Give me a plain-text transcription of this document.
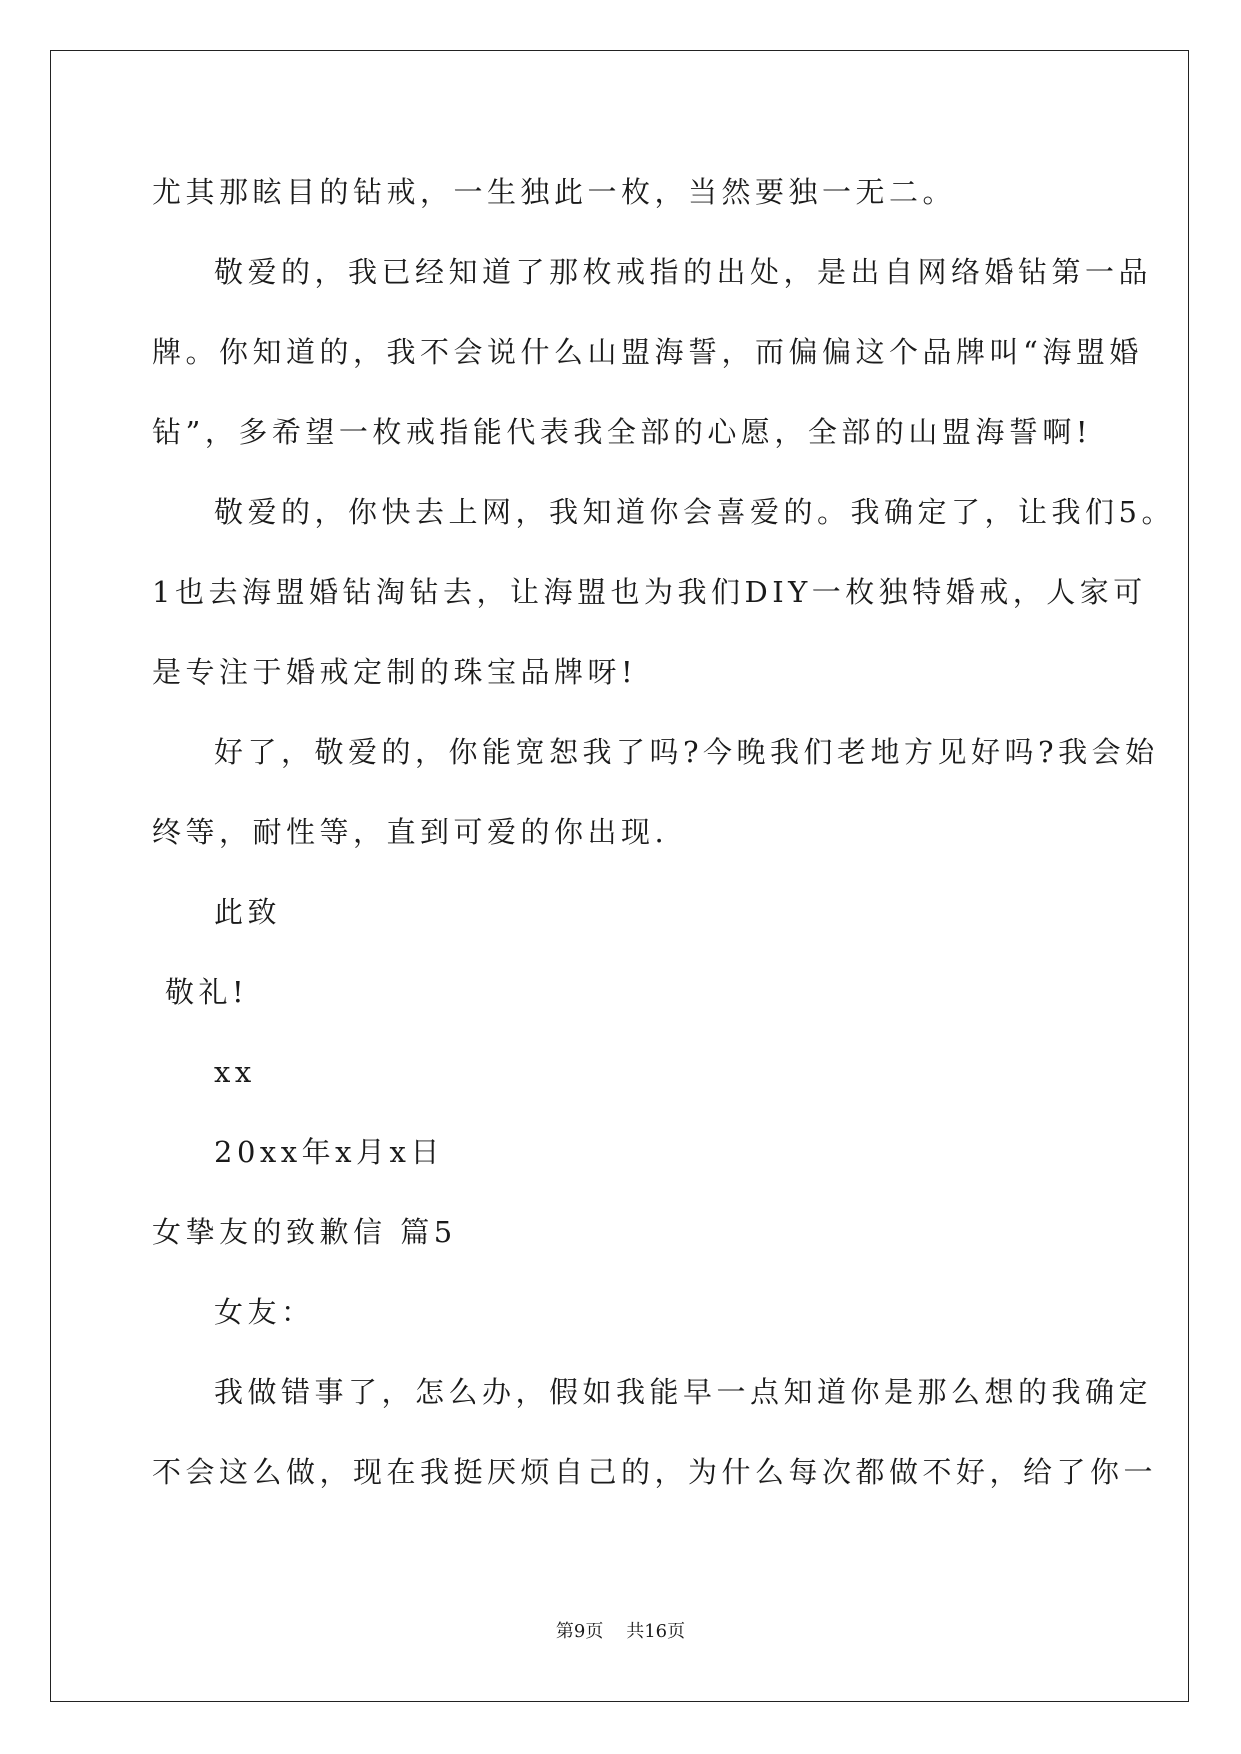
尤其那眩目的钻戒，一生独此一枚，当然要独一无二。
敬爱的，我已经知道了那枚戒指的出处，是出自网络婚钻第一品
牌。你知道的，我不会说什么山盟海誓，而偏偏这个品牌叫“海盟婚
钻”，多希望一枚戒指能代表我全部的心愿，全部的山盟海誓啊!
敬爱的，你快去上网，我知道你会喜爱的。我确定了，让我们5。
1也去海盟婚钻淘钻去，让海盟也为我们DIY一枚独特婚戒，人家可
是专注于婚戒定制的珠宝品牌呀!
好了，敬爱的，你能宽恕我了吗?今晚我们老地方见好吗?我会始
终等，耐性等，直到可爱的你出现.
此致
敬礼!
xx
20xx年x月x日
女挚友的致歉信 篇5
女友：
我做错事了，怎么办，假如我能早一点知道你是那么想的我确定
不会这么做，现在我挺厌烦自己的，为什么每次都做不好，给了你一
第9页 共16页
